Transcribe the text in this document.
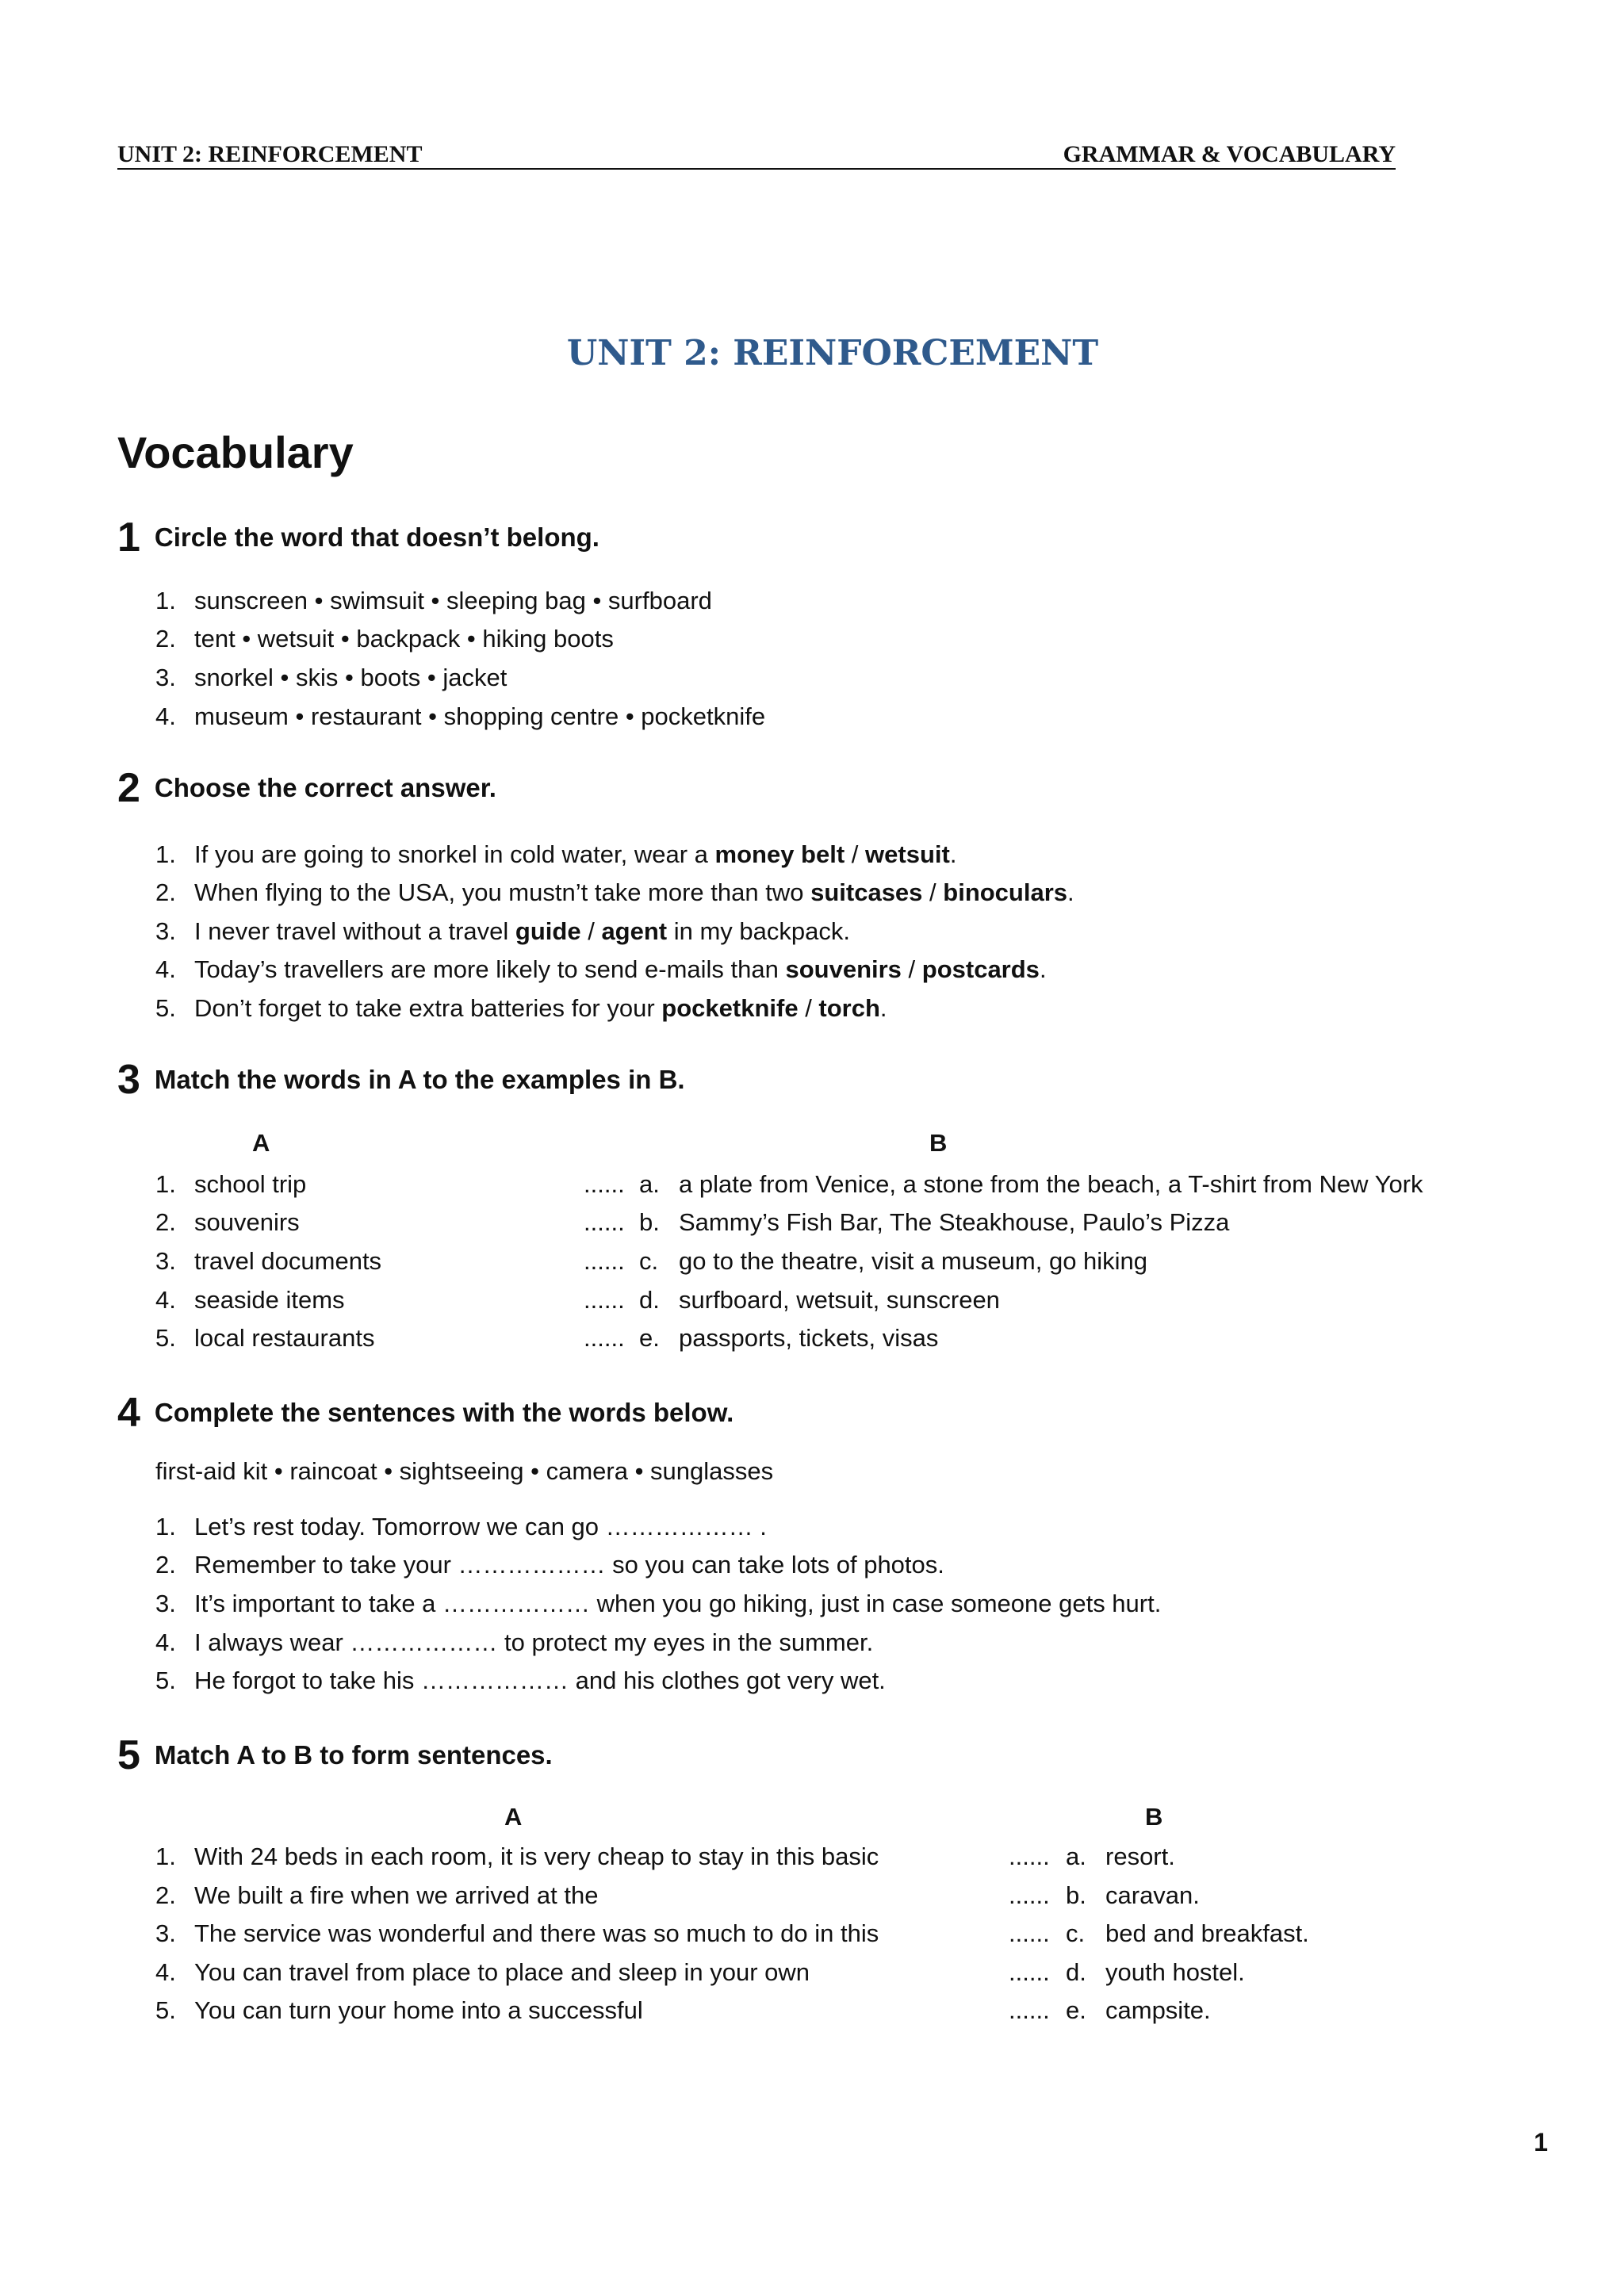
UNIT 2: REINFORCEMENT	GRAMMAR & VOCABULARY
UNIT 2: REINFORCEMENT
Vocabulary
1 Circle the word that doesn’t belong.
1. sunscreen • swimsuit • sleeping bag • surfboard
2. tent • wetsuit • backpack • hiking boots
3. snorkel • skis • boots • jacket
4. museum • restaurant • shopping centre • pocketknife
2 Choose the correct answer.
1. If you are going to snorkel in cold water, wear a money belt / wetsuit.
2. When flying to the USA, you mustn’t take more than two suitcases / binoculars.
3. I never travel without a travel guide / agent in my backpack.
4. Today’s travellers are more likely to send e-mails than souvenirs / postcards.
5. Don’t forget to take extra batteries for your pocketknife / torch.
3 Match the words in A to the examples in B.
A	B
1. school trip	...... a. a plate from Venice, a stone from the beach, a T-shirt from New York
2. souvenirs	...... b. Sammy’s Fish Bar, The Steakhouse, Paulo’s Pizza
3. travel documents	...... c. go to the theatre, visit a museum, go hiking
4. seaside items	...... d. surfboard, wetsuit, sunscreen
5. local restaurants	...... e. passports, tickets, visas
4 Complete the sentences with the words below.
first-aid kit • raincoat • sightseeing • camera • sunglasses
1. Let’s rest today. Tomorrow we can go ……………… .
2. Remember to take your ……………… so you can take lots of photos.
3. It’s important to take a ……………… when you go hiking, just in case someone gets hurt.
4. I always wear ……………… to protect my eyes in the summer.
5. He forgot to take his ……………… and his clothes got very wet.
5 Match A to B to form sentences.
A	B
1. With 24 beds in each room, it is very cheap to stay in this basic	...... a. resort.
2. We built a fire when we arrived at the	...... b. caravan.
3. The service was wonderful and there was so much to do in this	...... c. bed and breakfast.
4. You can travel from place to place and sleep in your own	...... d. youth hostel.
5. You can turn your home into a successful	...... e. campsite.
1
